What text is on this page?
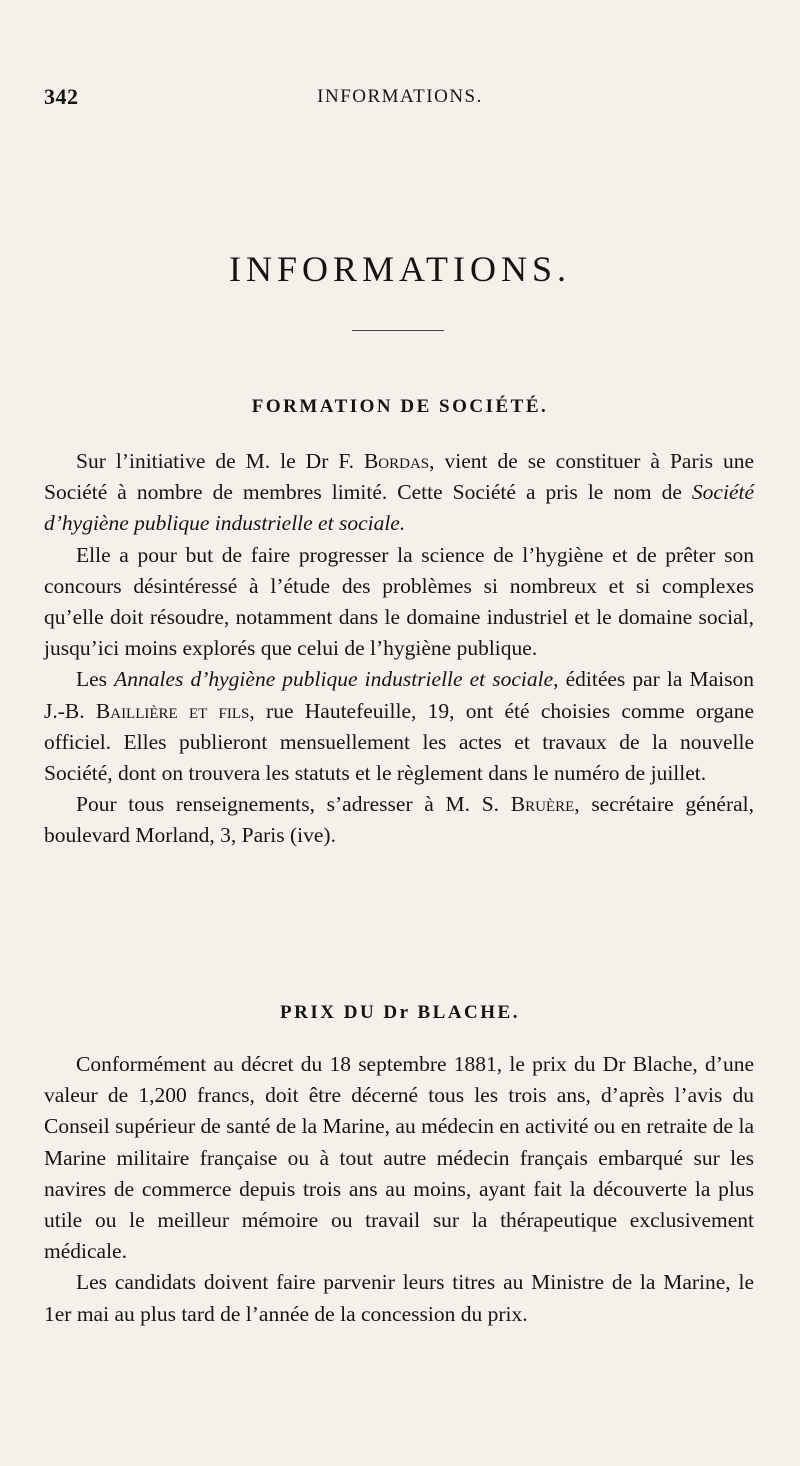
342	INFORMATIONS.
INFORMATIONS.
FORMATION DE SOCIÉTÉ.

Sur l’initiative de M. le Dr F. Bordas, vient de se constituer à Paris une Société à nombre de membres limité. Cette Société a pris le nom de Société d’hygiène publique industrielle et sociale.

Elle a pour but de faire progresser la science de l’hygiène et de prêter son concours désintéressé à l’étude des problèmes si nombreux et si complexes qu’elle doit résoudre, notamment dans le domaine industriel et le domaine social, jusqu’ici moins explorés que celui de l’hygiène publique.

Les Annales d’hygiène publique industrielle et sociale, éditées par la Maison J.-B. Baillière et fils, rue Hautefeuille, 19, ont été choisies comme organe officiel. Elles publieront mensuellement les actes et travaux de la nouvelle Société, dont on trouvera les statuts et le règlement dans le numéro de juillet.

Pour tous renseignements, s’adresser à M. S. Bruère, secrétaire général, boulevard Morland, 3, Paris (ive).

PRIX DU Dr BLACHE.

Conformément au décret du 18 septembre 1881, le prix du Dr Blache, d’une valeur de 1,200 francs, doit être décerné tous les trois ans, d’après l’avis du Conseil supérieur de santé de la Marine, au médecin en activité ou en retraite de la Marine militaire française ou à tout autre médecin français embarqué sur les navires de commerce depuis trois ans au moins, ayant fait la découverte la plus utile ou le meilleur mémoire ou travail sur la thérapeutique exclusivement médicale.

Les candidats doivent faire parvenir leurs titres au Ministre de la Marine, le 1er mai au plus tard de l’année de la concession du prix.
